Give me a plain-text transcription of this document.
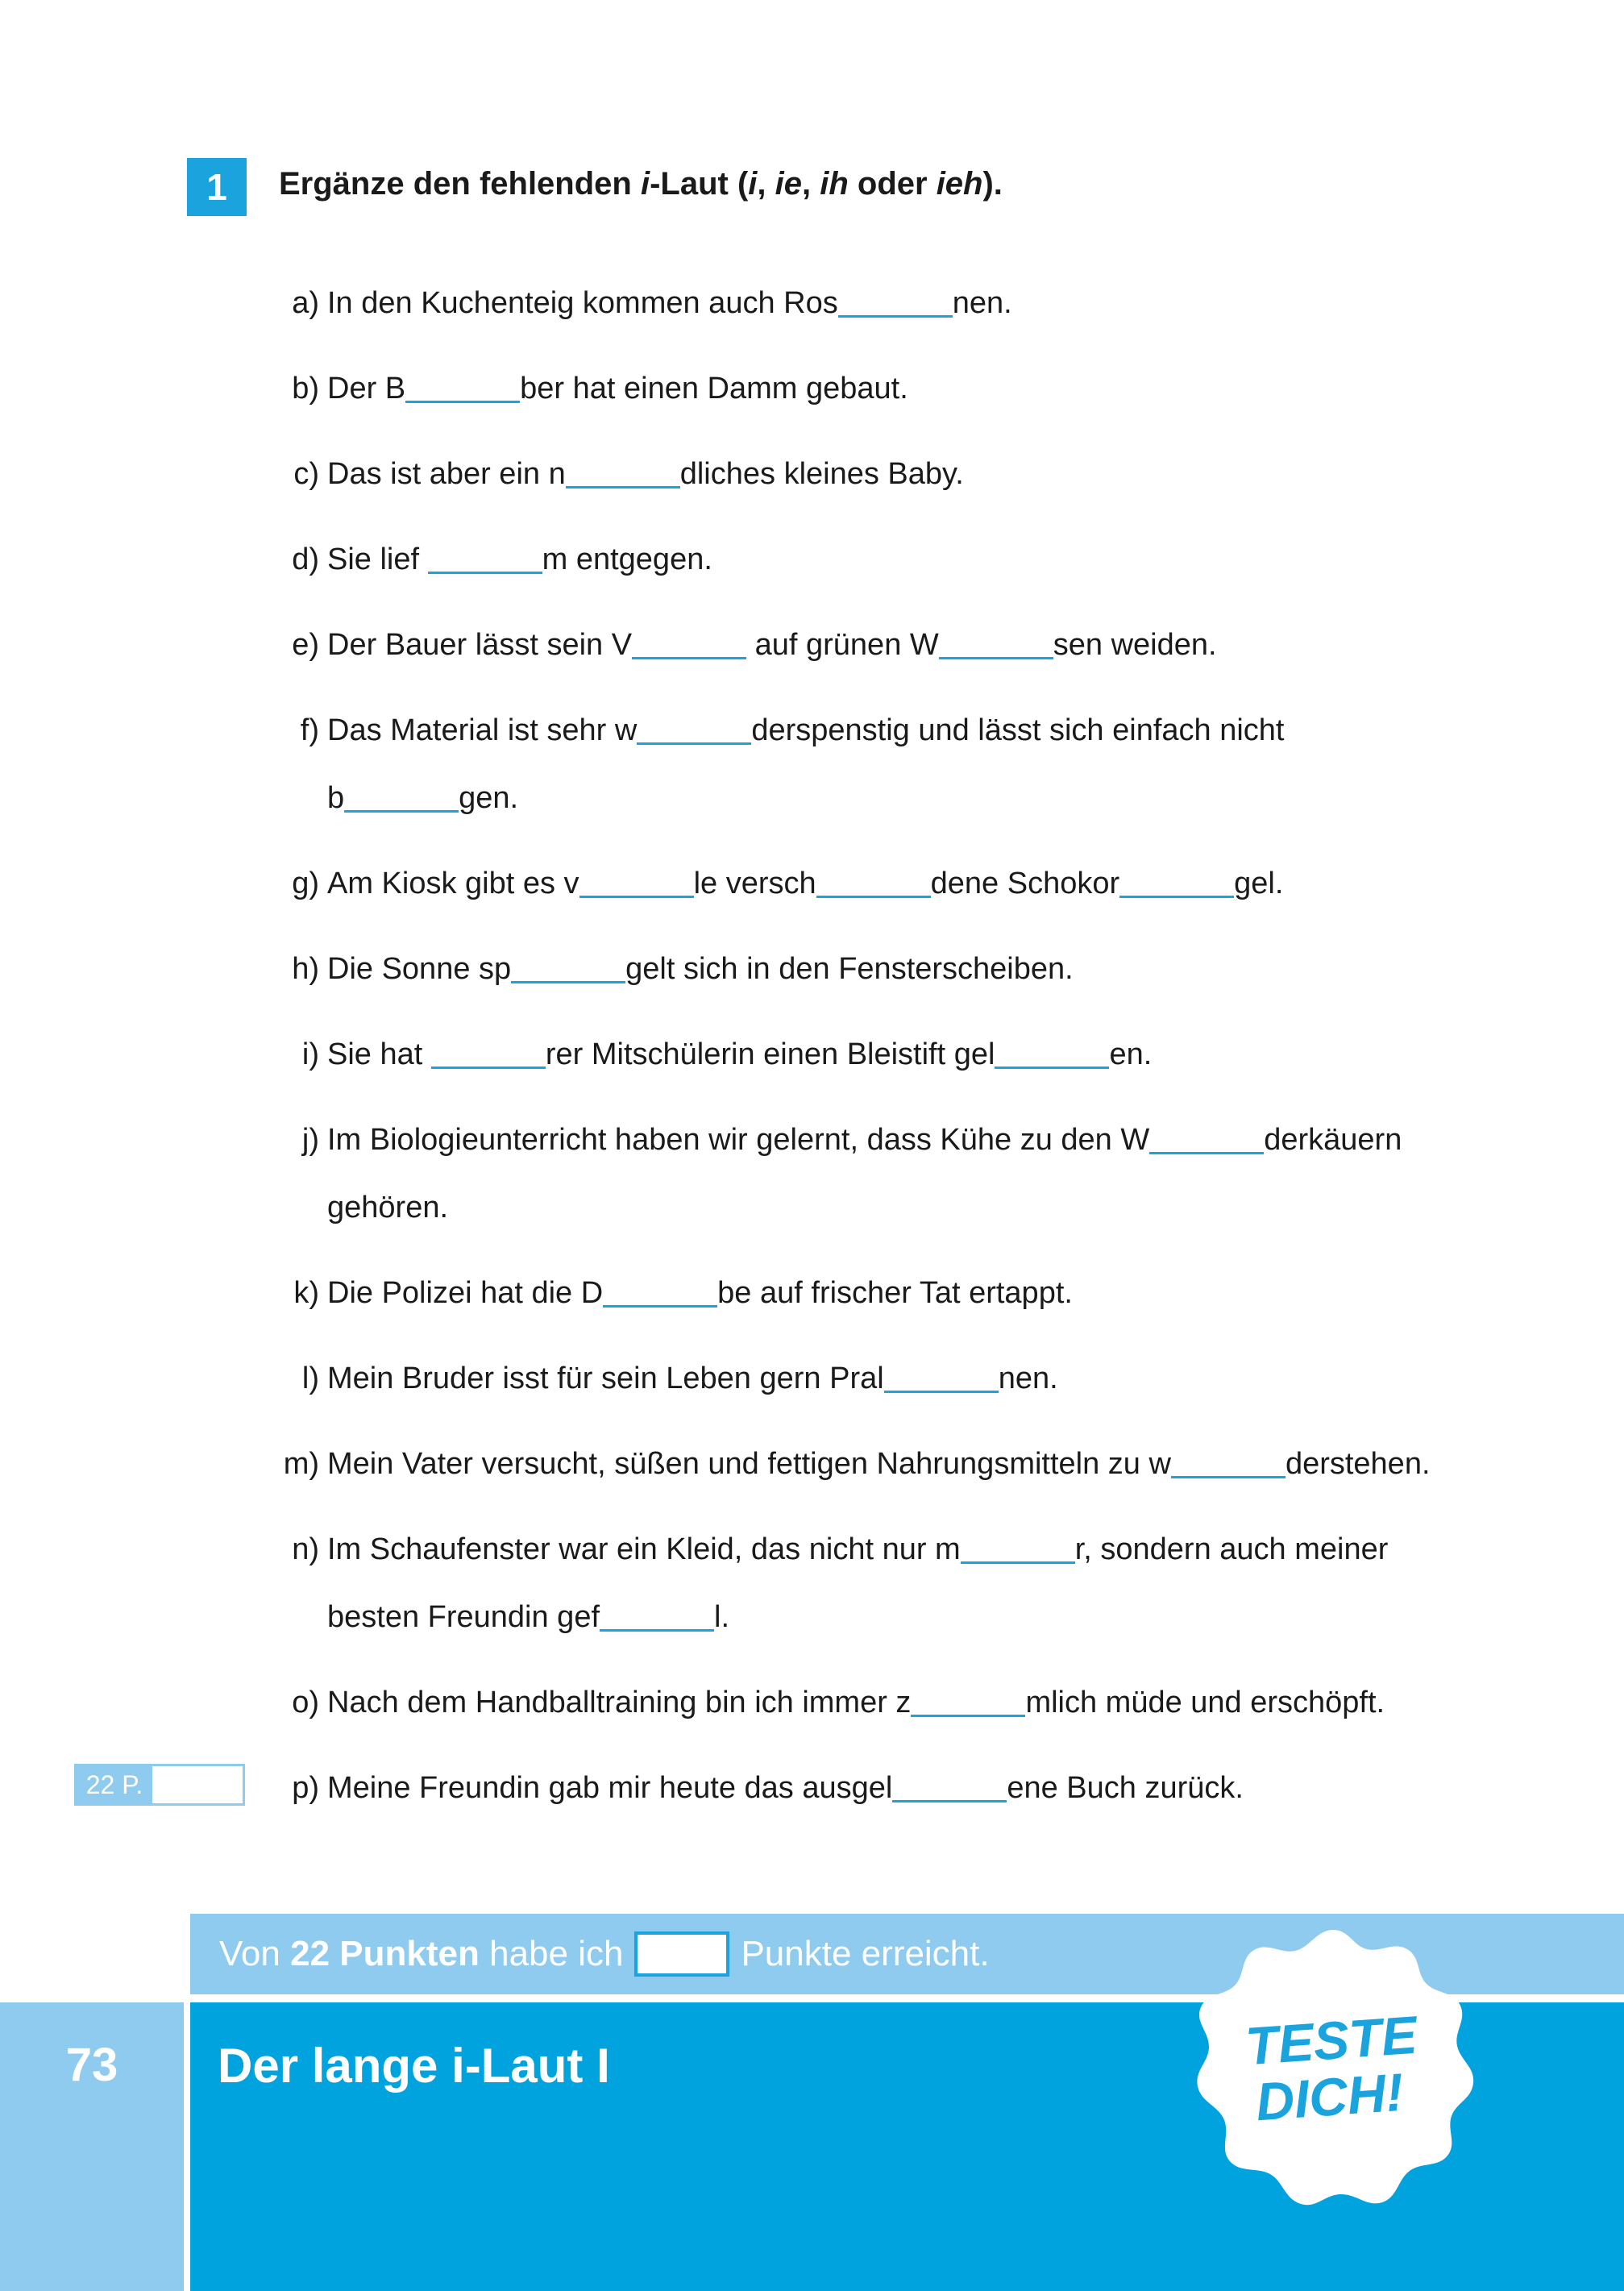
1	Ergänze den fehlenden i-Laut (i, ie, ih oder ieh).
a) In den Kuchenteig kommen auch Ros	nen.
b) Der B	ber hat einen Damm gebaut.
c) Das ist aber ein n	dliches kleines Baby.
d) Sie lief	m entgegen.
e) Der Bauer lässt sein V	auf grünen W	sen weiden.
f) Das Material ist sehr w	derspenstig und lässt sich einfach nicht
b	gen.
g) Am Kiosk gibt es v	le versch	dene Schokor	gel.
h) Die Sonne sp	gelt sich in den Fensterscheiben.
i) Sie hat	rer Mitschülerin einen Bleistift gel	en.
j) Im Biologieunterricht haben wir gelernt, dass Kühe zu den W	derkäuern
gehören.
k) Die Polizei hat die D	be auf frischer Tat ertappt.
l) Mein Bruder isst für sein Leben gern Pral	nen.
m) Mein Vater versucht, süßen und fettigen Nahrungsmitteln zu w	derstehen.
n) Im Schaufenster war ein Kleid, das nicht nur m	r, sondern auch meiner
besten Freundin gef	l.
o) Nach dem Handballtraining bin ich immer z	mlich müde und erschöpft.
p) Meine Freundin gab mir heute das ausgel	ene Buch zurück.
22 P.
Von
22 Punkten
habe ich	Punkte erreicht.
73	Der lange i-Laut I	TESTE
DICH!
